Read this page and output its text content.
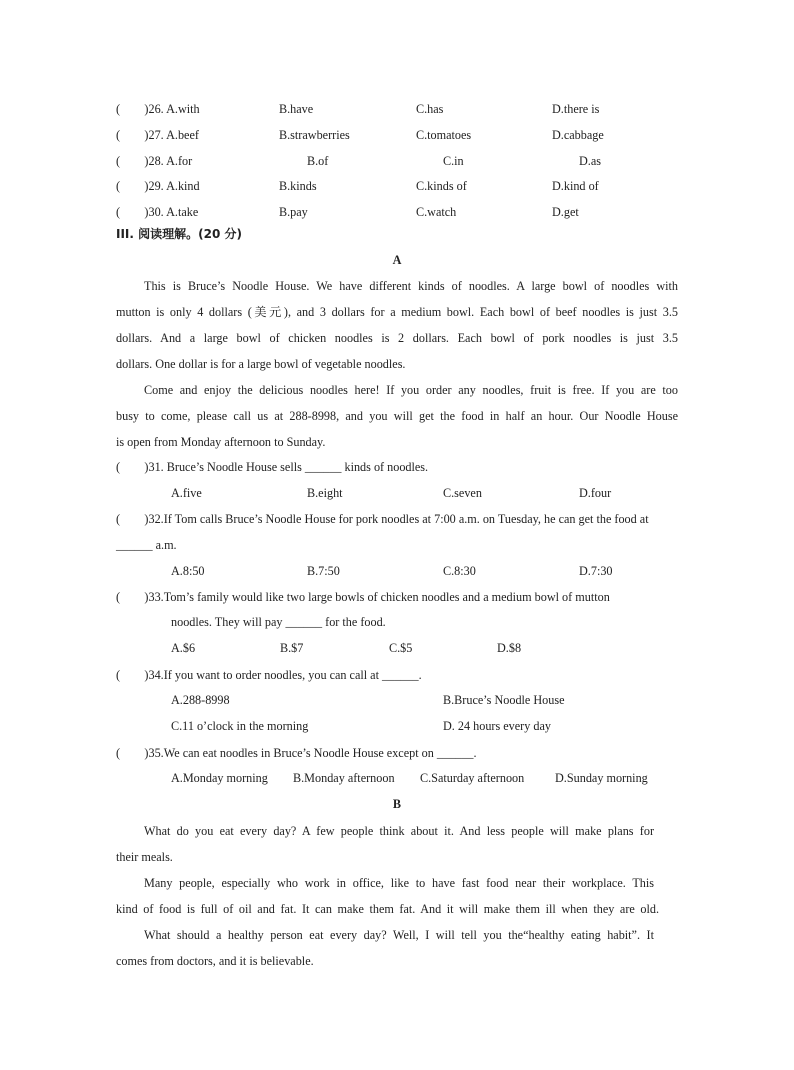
(　　)26. A.with	B.have	C.has	D.there is
(　　)27. A.beef	B.strawberries	C.tomatoes	D.cabbage
(　　)28. A.for	B.of	C.in	D.as
(　　)29. A.kind	B.kinds	C.kinds of	D.kind of
(　　)30. A.take	B.pay	C.watch	D.get
III. 阅读理解。(20 分)
A
This is Bruce’s Noodle House. We have different kinds of noodles. A large bowl of noodles with
mutton is only 4 dollars (美元), and 3 dollars for a medium bowl. Each bowl of beef noodles is just 3.5
dollars. And a large bowl of chicken noodles is 2 dollars. Each bowl of pork noodles is just 3.5
dollars. One dollar is for a large bowl of vegetable noodles.
Come and enjoy the delicious noodles here! If you order any noodles, fruit is free. If you are too
busy to come, please call us at 288-8998, and you will get the food in half an hour. Our Noodle House
is open from Monday afternoon to Sunday.
(　　)31. Bruce’s Noodle House sells ______ kinds of noodles.
A.five	B.eight	C.seven	D.four
(　　)32.If Tom calls Bruce’s Noodle House for pork noodles at 7:00 a.m. on Tuesday, he can get the food at
______ a.m.
A.8:50	B.7:50	C.8:30	D.7:30
(　　)33.Tom’s family would like two large bowls of chicken noodles and a medium bowl of mutton
noodles. They will pay ______ for the food.
A.$6	B.$7	C.$5	D.$8
(　　)34.If you want to order noodles, you can call at ______.
A.288-8998	B.Bruce’s Noodle House
C.11 o’clock in the morning	D. 24 hours every day
(　　)35.We can eat noodles in Bruce’s Noodle House except on ______.
A.Monday morning B.Monday afternoon C.Saturday afternoon	D.Sunday morning
B
What do you eat every day? A few people think about it. And less people will make plans for
their meals.
Many people, especially who work in office, like to have fast food near their workplace. This
kind of food is full of oil and fat. It can make them fat. And it will make them ill when they are old.
What should a healthy person eat every day? Well, I will tell you the“healthy eating habit”. It
comes from doctors, and it is believable.
